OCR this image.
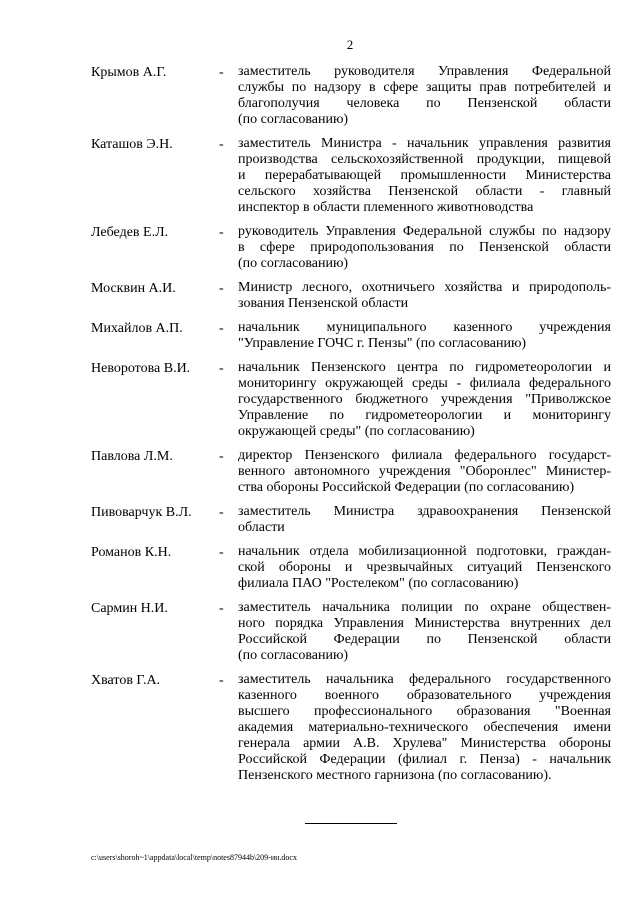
2
Крымов А.Г.	-	заместитель руководителя Управления Федеральной
службы по надзору в сфере защиты прав потребителей и
благополучия человека по Пензенской области
(по согласованию)
Каташов Э.Н.	-	заместитель Министра - начальник управления развития
производства сельскохозяйственной продукции, пищевой
и перерабатывающей промышленности Министерства
сельского хозяйства Пензенской области - главный
инспектор в области племенного животноводства
Лебедев Е.Л.	-	руководитель Управления Федеральной службы по надзору
в сфере природопользования по Пензенской области
(по согласованию)
Москвин А.И.	-	Министр лесного, охотничьего хозяйства и природополь-
зования Пензенской области
Михайлов А.П.	-	начальник муниципального казенного учреждения
"Управление ГОЧС г. Пензы" (по согласованию)
Неворотова В.И.	-	начальник Пензенского центра по гидрометеорологии и
мониторингу окружающей среды - филиала федерального
государственного бюджетного учреждения "Приволжское
Управление по гидрометеорологии и мониторингу
окружающей среды" (по согласованию)
Павлова Л.М.	-	директор Пензенского филиала федерального государст-
венного автономного учреждения "Оборонлес" Министер-
ства обороны Российской Федерации (по согласованию)
Пивоварчук В.Л.	-	заместитель Министра здравоохранения Пензенской
области
Романов К.Н.	-	начальник отдела мобилизационной подготовки, граждан-
ской обороны и чрезвычайных ситуаций Пензенского
филиала ПАО "Ростелеком" (по согласованию)
Сармин Н.И.	-	заместитель начальника полиции по охране обществен-
ного порядка Управления Министерства внутренних дел
Российской Федерации по Пензенской области
(по согласованию)
Хватов Г.А.	-	заместитель начальника федерального государственного
казенного военного образовательного учреждения
высшего профессионального образования "Военная
академия материально-технического обеспечения имени
генерала армии А.В. Хрулева" Министерства обороны
Российской Федерации (филиал г. Пенза) - начальник
Пензенского местного гарнизона (по согласованию).
c:\users\shoroh~1\appdata\local\temp\notes87944b\209-ин.docx
